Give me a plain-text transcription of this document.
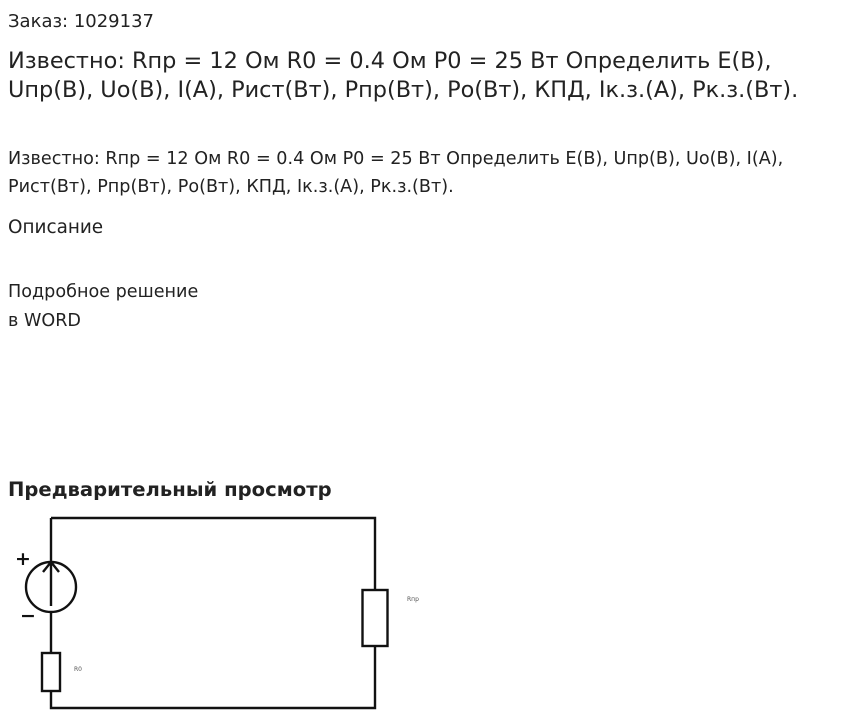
Заказ: 1029137
Известно: Rпр = 12 Ом R0 = 0.4 Ом P0 = 25 Вт Определить E(В), Uпр(В), Uo(В), I(A), Рист(Вт), Рпр(Вт), Рo(Вт), КПД, Iк.з.(А), Рк.з.(Вт).

Известно: Rпр = 12 Ом R0 = 0.4 Ом P0 = 25 Вт Определить E(В), Uпр(В), Uo(В), I(A), Рист(Вт), Рпр(Вт), Рo(Вт), КПД, Iк.з.(А), Рк.з.(Вт).

Описание
Подробное решение
в WORD
Предварительный просмотр
+
−
Rпр
R0
